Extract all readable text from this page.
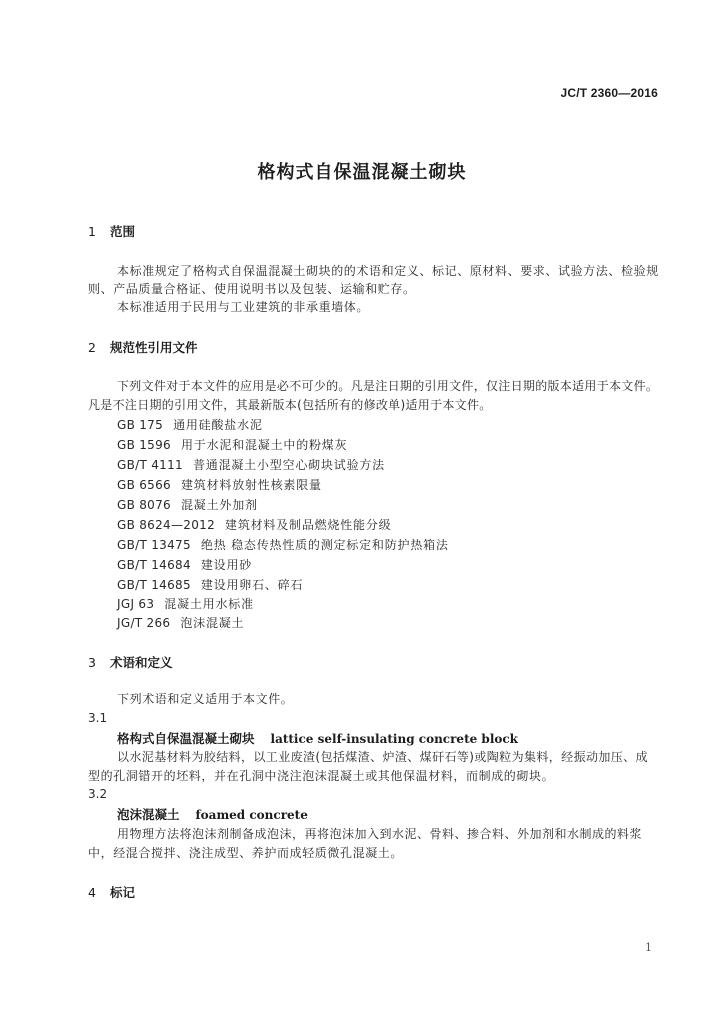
JC/T 2360—2016
格构式自保温混凝土砌块
1 范围
本标准规定了格构式自保温混凝土砌块的的术语和定义、标记、原材料、要求、试验方法、检验规
则、产品质量合格证、使用说明书以及包装、运输和贮存。
本标准适用于民用与工业建筑的非承重墙体。
2 规范性引用文件
下列文件对于本文件的应用是必不可少的。凡是注日期的引用文件，仅注日期的版本适用于本文件。
凡是不注日期的引用文件，其最新版本(包括所有的修改单)适用于本文件。
GB 175 通用硅酸盐水泥
GB 1596 用于水泥和混凝土中的粉煤灰
GB/T 4111 普通混凝土小型空心砌块试验方法
GB 6566 建筑材料放射性核素限量
GB 8076 混凝土外加剂
GB 8624—2012 建筑材料及制品燃烧性能分级
GB/T 13475 绝热 稳态传热性质的测定标定和防护热箱法
GB/T 14684 建设用砂
GB/T 14685 建设用卵石、碎石
JGJ 63 混凝土用水标准
JG/T 266 泡沫混凝土
3 术语和定义
下列术语和定义适用于本文件。
3.1
格构式自保温混凝土砌块 lattice self-insulating concrete block
以水泥基材料为胶结料，以工业废渣(包括煤渣、炉渣、煤矸石等)或陶粒为集料，经振动加压、成
型的孔洞错开的坯料，并在孔洞中浇注泡沫混凝土或其他保温材料，而制成的砌块。
3.2
泡沫混凝土 foamed concrete
用物理方法将泡沫剂制备成泡沫，再将泡沫加入到水泥、骨料、掺合料、外加剂和水制成的料浆
中，经混合搅拌、浇注成型、养护而成轻质微孔混凝土。
4 标记
1
